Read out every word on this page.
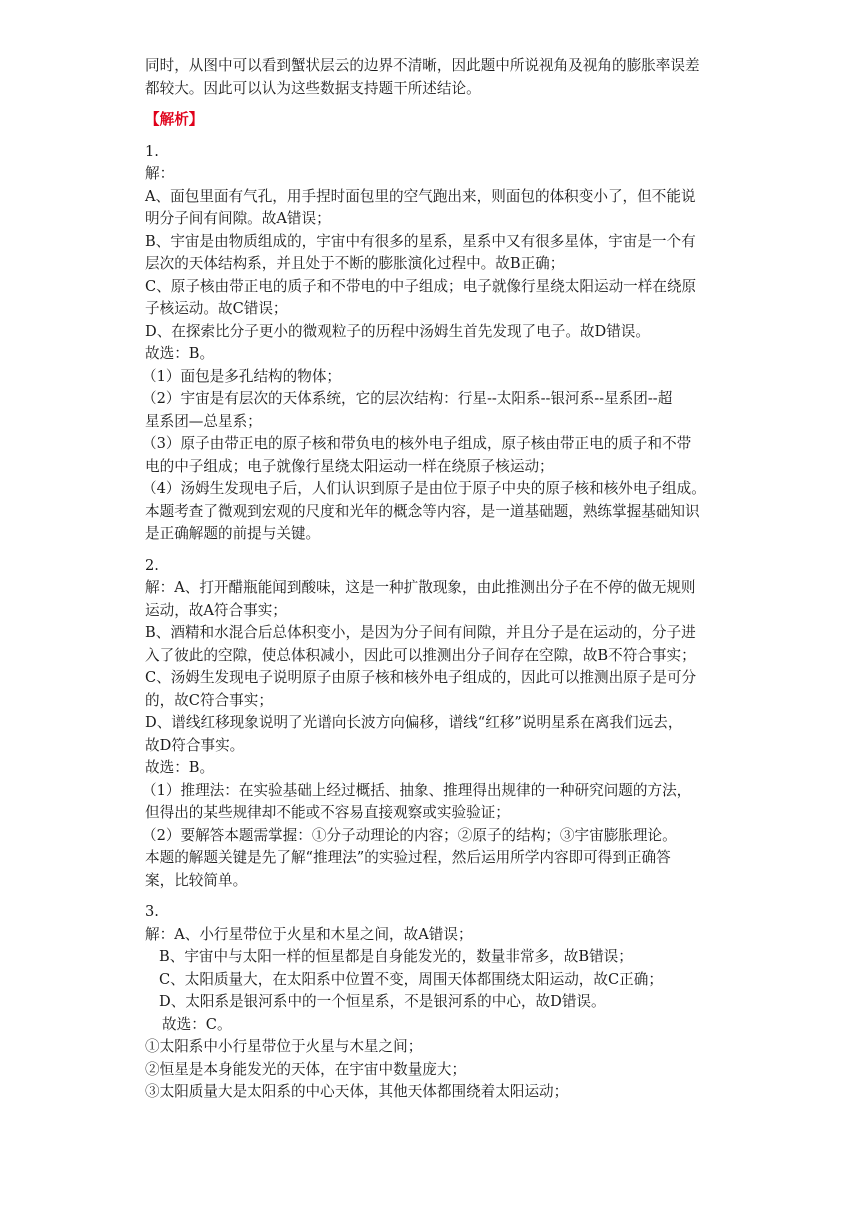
同时，从图中可以看到蟹状层云的边界不清晰，因此题中所说视角及视角的膨胀率误差
都较大。因此可以认为这些数据支持题干所述结论。
【解析】
1.
解：
A、面包里面有气孔，用手捏时面包里的空气跑出来，则面包的体积变小了，但不能说
明分子间有间隙。故A错误；
B、宇宙是由物质组成的，宇宙中有很多的星系，星系中又有很多星体，宇宙是一个有
层次的天体结构系，并且处于不断的膨胀演化过程中。故B正确；
C、原子核由带正电的质子和不带电的中子组成；电子就像行星绕太阳运动一样在绕原
子核运动。故C错误；
D、在探索比分子更小的微观粒子的历程中汤姆生首先发现了电子。故D错误。
故选：B。
（1）面包是多孔结构的物体；
（2）宇宙是有层次的天体系统，它的层次结构：行星--太阳系--银河系--星系团--超
星系团—总星系；
（3）原子由带正电的原子核和带负电的核外电子组成，原子核由带正电的质子和不带
电的中子组成；电子就像行星绕太阳运动一样在绕原子核运动；
（4）汤姆生发现电子后，人们认识到原子是由位于原子中央的原子核和核外电子组成。
本题考查了微观到宏观的尺度和光年的概念等内容，是一道基础题，熟练掌握基础知识
是正确解题的前提与关键。
2.
解：A、打开醋瓶能闻到酸味，这是一种扩散现象，由此推测出分子在不停的做无规则
运动，故A符合事实；
B、酒精和水混合后总体积变小，是因为分子间有间隙，并且分子是在运动的，分子进
入了彼此的空隙，使总体积减小，因此可以推测出分子间存在空隙，故B不符合事实；
C、汤姆生发现电子说明原子由原子核和核外电子组成的，因此可以推测出原子是可分
的，故C符合事实；
D、谱线红移现象说明了光谱向长波方向偏移，谱线“红移”说明星系在离我们远去，
故D符合事实。
故选：B。
（1）推理法：在实验基础上经过概括、抽象、推理得出规律的一种研究问题的方法，
但得出的某些规律却不能或不容易直接观察或实验验证；
（2）要解答本题需掌握：①分子动理论的内容；②原子的结构；③宇宙膨胀理论。
本题的解题关键是先了解“推理法”的实验过程，然后运用所学内容即可得到正确答
案，比较简单。
3.
解：A、小行星带位于火星和木星之间，故A错误；
B、宇宙中与太阳一样的恒星都是自身能发光的，数量非常多，故B错误；
C、太阳质量大，在太阳系中位置不变，周围天体都围绕太阳运动，故C正确；
D、太阳系是银河系中的一个恒星系，不是银河系的中心，故D错误。
故选：C。
①太阳系中小行星带位于火星与木星之间；
②恒星是本身能发光的天体，在宇宙中数量庞大；
③太阳质量大是太阳系的中心天体，其他天体都围绕着太阳运动；
